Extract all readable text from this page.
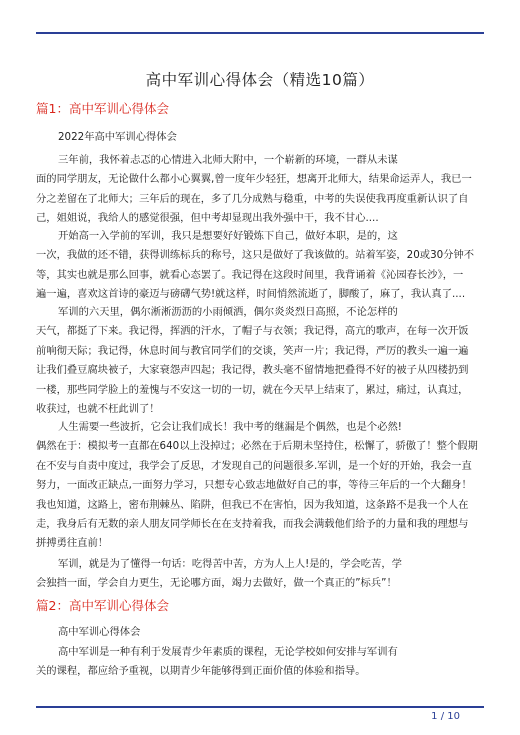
高中军训心得体会（精选10篇）
篇1：高中军训心得体会
2022年高中军训心得体会
三年前，我怀着忐忑的心情进入北师大附中，一个崭新的环境，一群从未谋
面的同学朋友，无论做什么都小心翼翼,曾一度年少轻狂，想离开北师大，结果命运弄人，我已一
分之差留在了北师大；三年后的现在，多了几分成熟与稳重，中考的失误使我再度重新认识了自
己，姐姐说，我给人的感觉很强，但中考却显现出我外强中干，我不甘心....
开始高一入学前的军训，我只是想要好好锻炼下自己，做好本职，是的，这
一次，我做的还不错，获得训练标兵的称号，这只是做好了我该做的。站着军姿，20或30分钟不
等，其实也就是那么回事，就看心态罢了。我记得在这段时间里，我背诵着《沁园春长沙》，一
遍一遍，喜欢这首诗的豪迈与磅礴气势!就这样，时间悄然流逝了，脚酸了，麻了，我认真了....
军训的六天里，偶尔淅淅沥沥的小雨倾洒，偶尔炎炎烈日高照，不论怎样的
天气，都挺了下来。我记得，挥洒的汗水，了帽子与衣领；我记得，高亢的歌声，在每一次开饭
前响彻天际；我记得，休息时间与教官同学们的交谈，笑声一片；我记得，严厉的教头一遍一遍
让我们叠豆腐块被子，大家衰怨声四起；我记得，教头毫不留情地把叠得不好的被子从四楼扔到
一楼，那些同学脸上的羞愧与不安这一切的一切，就在今天早上结束了，累过，痛过，认真过，
收获过，也就不枉此训了！
人生需要一些波折，它会让我们成长！我中考的继漏是个偶然，也是个必然!
偶然在于：模拟考一直都在640以上没掉过；必然在于后期未坚持住，松懈了，骄傲了！整个假期
在不安与自责中度过，我学会了反思，才发现自己的问题很多.军训，是一个好的开始，我会一直
努力，一面改正缺点,一面努力学习，只想专心致志地做好自己的事，等待三年后的一个大翻身！
我也知道，这路上，密布荆棘丛、陷阱，但我已不在害怕，因为我知道，这条路不是我一个人在
走，我身后有无数的亲人朋友同学师长在在支持着我，而我会满载他们给予的力量和我的理想与
拼搏勇往直前！
军训，就是为了懂得一句话：吃得苦中苦，方为人上人!是的，学会吃苦，学
会独挡一面，学会自力更生，无论哪方面，竭力去做好，做一个真正的”标兵”！
篇2：高中军训心得体会
高中军训心得体会
高中军训是一种有利于发展青少年素质的课程，无论学校如何安排与军训有
关的课程，都应给予重视，以期青少年能够得到正面价值的体验和指导。
1 / 10
